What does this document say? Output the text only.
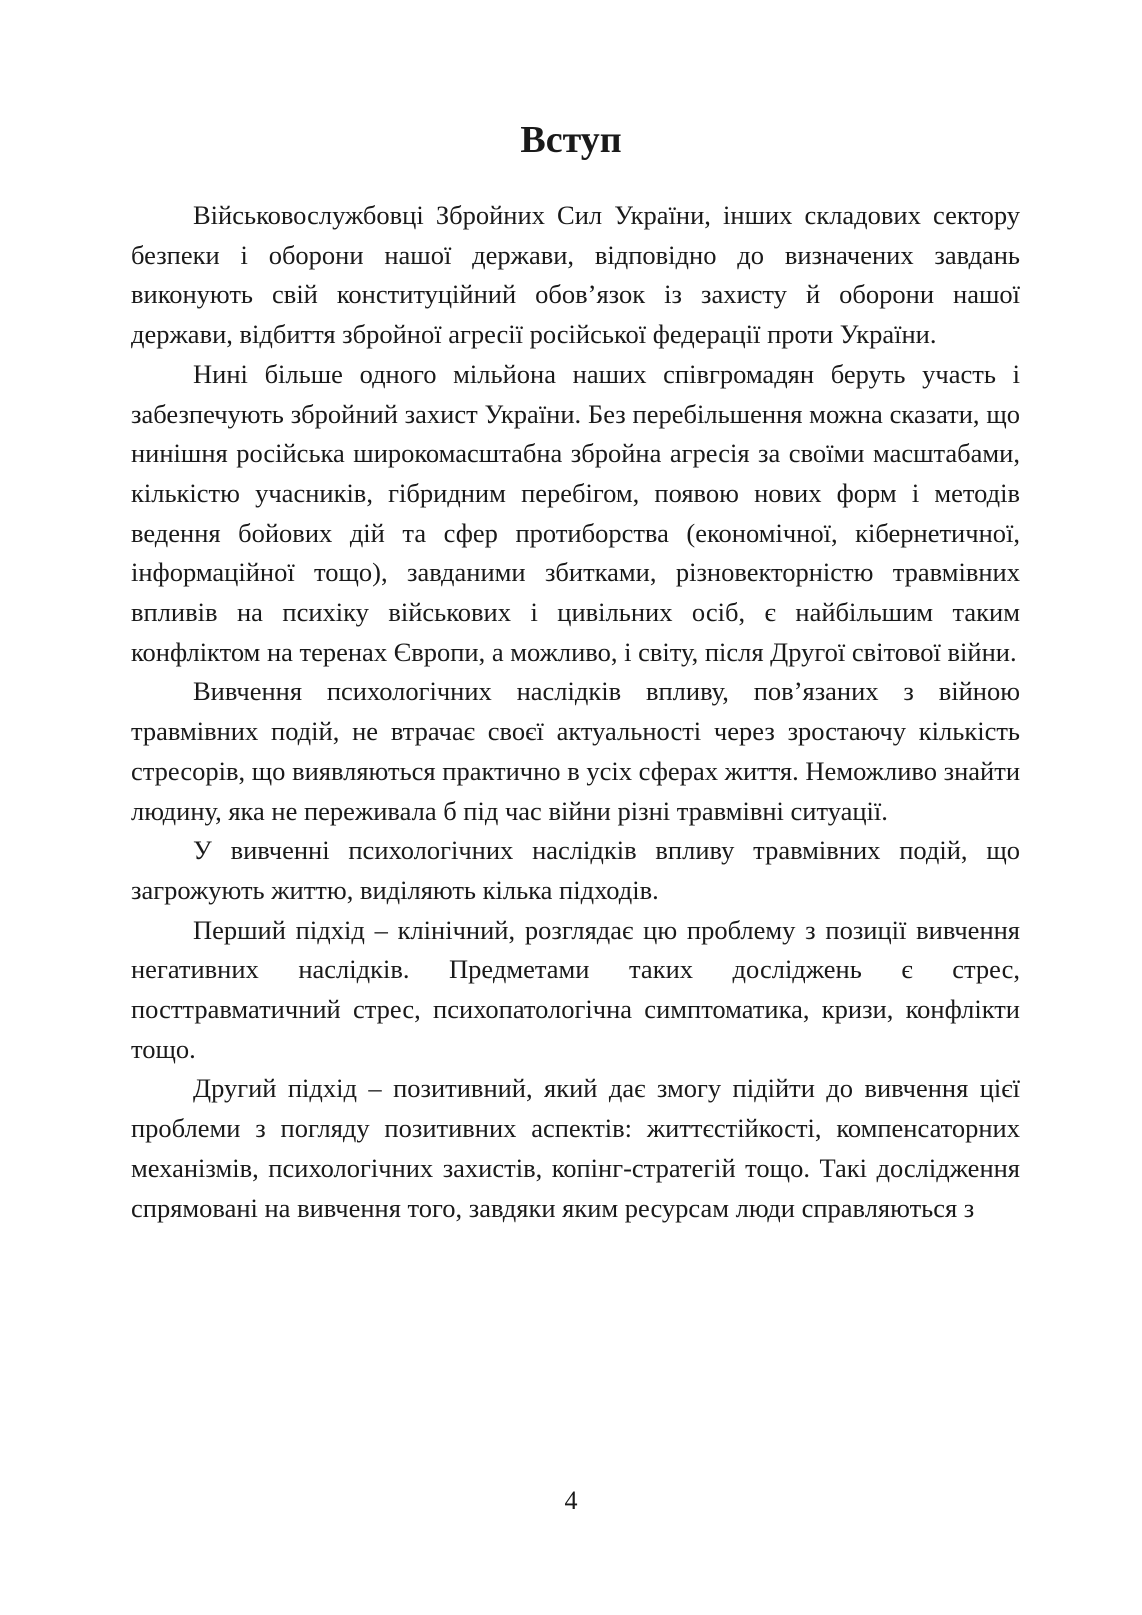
Вступ

Військовослужбовці Збройних Сил України, інших складових сектору безпеки і оборони нашої держави, відповідно до визначених завдань виконують свій конституційний обов’язок із захисту й оборони нашої держави, відбиття збройної агресії російської федерації проти України.

Нині більше одного мільйона наших співгромадян беруть участь і забезпечують збройний захист України. Без перебільшення можна сказати, що нинішня російська широкомасштабна збройна агресія за своїми масштабами, кількістю учасників, гібридним перебігом, появою нових форм і методів ведення бойових дій та сфер протиборства (економічної, кібернетичної, інформаційної тощо), завданими збитками, різновекторністю травмівних впливів на психіку військових і цивільних осіб, є найбільшим таким конфліктом на теренах Європи, а можливо, і світу, після Другої світової війни.

Вивчення психологічних наслідків впливу, пов’язаних з війною травмівних подій, не втрачає своєї актуальності через зростаючу кількість стресорів, що виявляються практично в усіх сферах життя. Неможливо знайти людину, яка не переживала б під час війни різні травмівні ситуації.

У вивченні психологічних наслідків впливу травмівних подій, що загрожують життю, виділяють кілька підходів.

Перший підхід – клінічний, розглядає цю проблему з позиції вивчення негативних наслідків. Предметами таких досліджень є стрес, посттравматичний стрес, психопатологічна симптоматика, кризи, конфлікти тощо.

Другий підхід – позитивний, який дає змогу підійти до вивчення цієї проблеми з погляду позитивних аспектів: життєстійкості, компенсаторних механізмів, психологічних захистів, копінг-стратегій тощо. Такі дослідження спрямовані на вивчення того, завдяки яким ресурсам люди справляються з

4
